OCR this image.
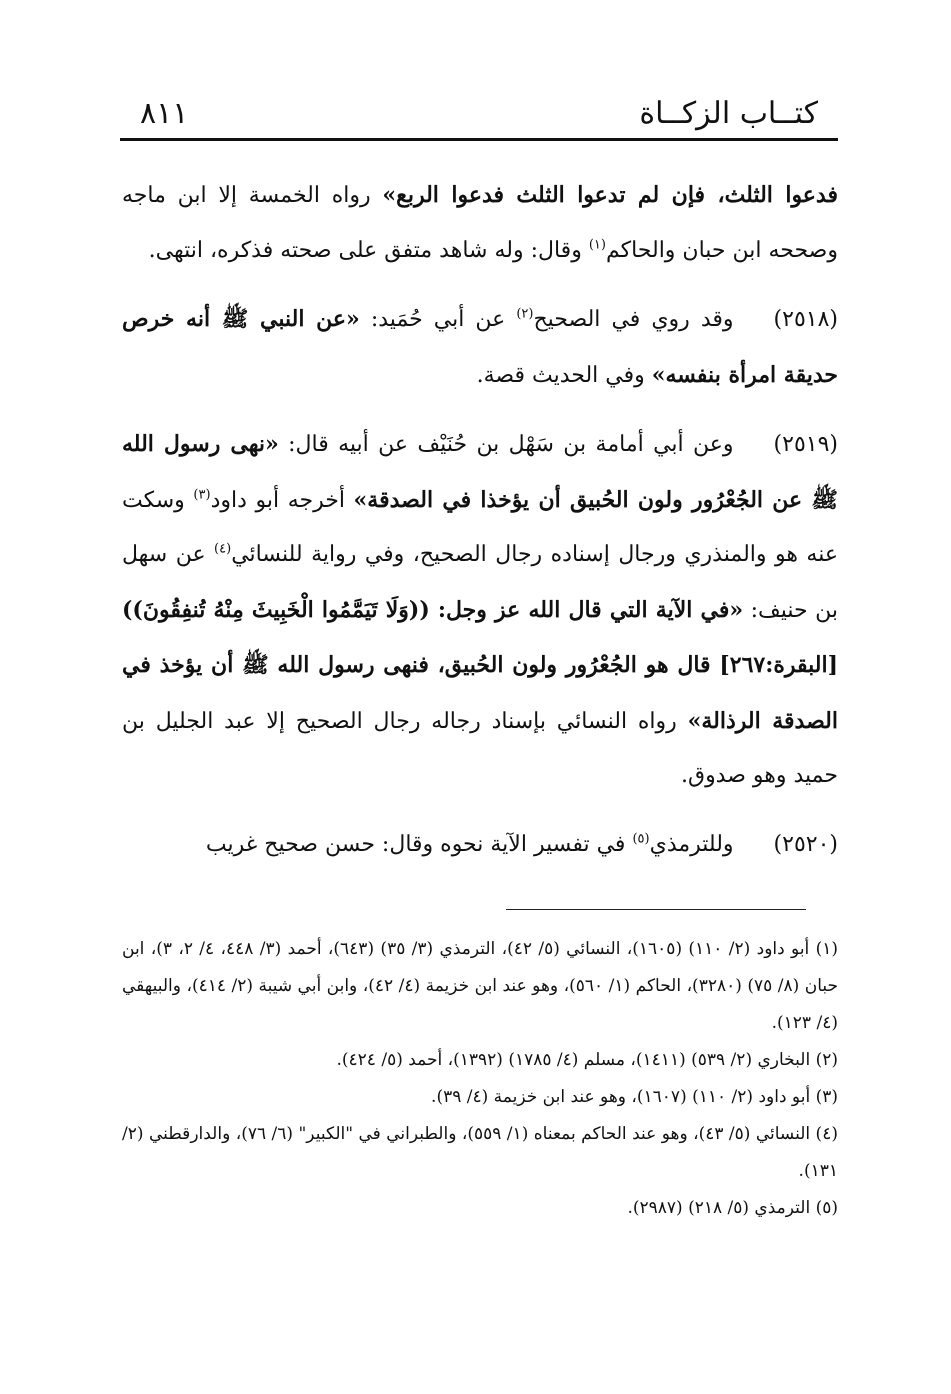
٨١١	كتــاب الزكــاة

فدعوا الثلث، فإن لم تدعوا الثلث فدعوا الربع» رواه الخمسة إلا ابن ماجه وصححه ابن حبان والحاكم$^{(١)}$ وقال: وله شاهد متفق على صحته فذكره، انتهى.

(٢٥١٨)وقد روي في الصحيح$^{(٢)}$ عن أبي حُمَيد: «عن النبي ﷺ أنه خرص حديقة امرأة بنفسه» وفي الحديث قصة.

(٢٥١٩)وعن أبي أمامة بن سَهْل بن حُنَيْف عن أبيه قال: «نهى رسول الله ﷺ عن الجُعْرُور ولون الحُبيق أن يؤخذا في الصدقة» أخرجه أبو داود$^{(٣)}$ وسكت عنه هو والمنذري ورجال إسناده رجال الصحيح، وفي رواية للنسائي$^{(٤)}$ عن سهل بن حنيف: «في الآية التي قال الله عز وجل: ((وَلَا تَيَمَّمُوا الْخَبِيثَ مِنْهُ تُنفِقُونَ)) [البقرة:٢٦٧] قال هو الجُعْرُور ولون الحُبيق، فنهى رسول الله ﷺ أن يؤخذ في الصدقة الرذالة» رواه النسائي بإسناد رجاله رجال الصحيح إلا عبد الجليل بن حميد وهو صدوق.

(٢٥٢٠)وللترمذي$^{(٥)}$ في تفسير الآية نحوه وقال: حسن صحيح غريب

(١) أبو داود (٢/ ١١٠) (١٦٠٥)، النسائي (٥/ ٤٢)، الترمذي (٣/ ٣٥) (٦٤٣)، أحمد (٣/ ٤٤٨، ٤/ ٢، ٣)، ابن حبان (٨/ ٧٥) (٣٢٨٠)، الحاكم (١/ ٥٦٠)، وهو عند ابن خزيمة (٤/ ٤٢)، وابن أبي شيبة (٢/ ٤١٤)، والبيهقي (٤/ ١٢٣).

(٢) البخاري (٢/ ٥٣٩) (١٤١١)، مسلم (٤/ ١٧٨٥) (١٣٩٢)، أحمد (٥/ ٤٢٤).

(٣) أبو داود (٢/ ١١٠) (١٦٠٧)، وهو عند ابن خزيمة (٤/ ٣٩).

(٤) النسائي (٥/ ٤٣)، وهو عند الحاكم بمعناه (١/ ٥٥٩)، والطبراني في "الكبير" (٦/ ٧٦)، والدارقطني (٢/ ١٣١).

(٥) الترمذي (٥/ ٢١٨) (٢٩٨٧).
